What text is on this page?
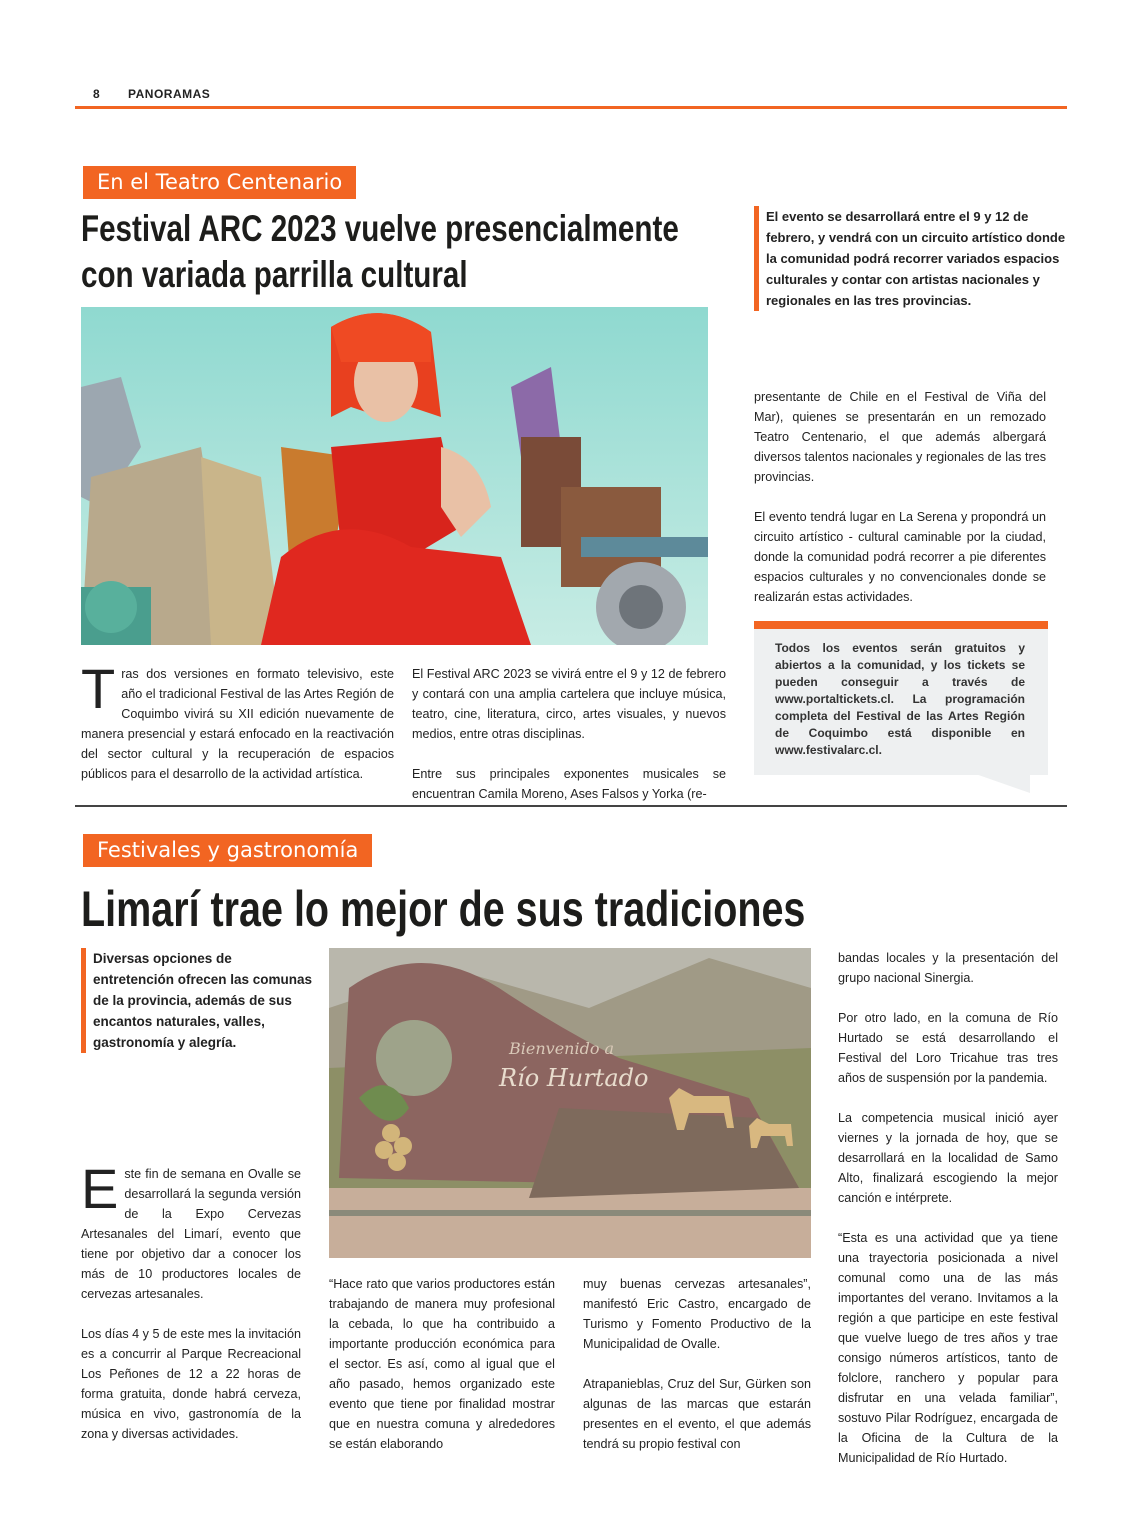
8 PANORAMAS
En el Teatro Centenario
Festival ARC 2023 vuelve presencialmente
con variada parrilla cultural
El evento se desarrollará entre el 9 y 12 de febrero, y vendrá con un circuito artístico donde la comunidad podrá recorrer variados espacios culturales y contar con artistas nacionales y regionales en las tres provincias.
Tras dos versiones en formato televisivo, este año el tradicional Festival de las Artes Región de Coquimbo vivirá su XII edición nuevamente de manera presencial y estará enfocado en la reactivación del sector cultural y la recuperación de espacios públicos para el desarrollo de la actividad artística.

El Festival ARC 2023 se vivirá entre el 9 y 12 de febrero y contará con una amplia cartelera que incluye música, teatro, cine, literatura, circo, artes visuales, y nuevos medios, entre otras disciplinas.

Entre sus principales exponentes musicales se encuentran Camila Moreno, Ases Falsos y Yorka (re-

presentante de Chile en el Festival de Viña del Mar), quienes se presentarán en un remozado Teatro Centenario, el que además albergará diversos talentos nacionales y regionales de las tres provincias.

El evento tendrá lugar en La Serena y propondrá un circuito artístico - cultural caminable por la ciudad, donde la comunidad podrá recorrer a pie diferentes espacios culturales y no convencionales donde se realizarán estas actividades.

Todos los eventos serán gratuitos y abiertos a la comunidad, y los tickets se pueden conseguir a través de www.portaltickets.cl. La programación completa del Festival de las Artes Región de Coquimbo está disponible en www.festivalarc.cl.
Festivales y gastronomía
Limarí trae lo mejor de sus tradiciones
Diversas opciones de entretención ofrecen las comunas de la provincia, además de sus encantos naturales, valles, gastronomía y alegría.	Bienvenido a
Río Hurtado

Este fin de semana en Ovalle se desarrollará la segunda versión de la Expo Cervezas Artesanales del Limarí, evento que tiene por objetivo dar a conocer los más de 10 productores locales de cervezas artesanales.

Los días 4 y 5 de este mes la invitación es a concurrir al Parque Recreacional Los Peñones de 12 a 22 horas de forma gratuita, donde habrá cerveza, música en vivo, gastronomía de la zona y diversas actividades.

“Hace rato que varios productores están trabajando de manera muy profesional la cebada, lo que ha contribuido a importante producción económica para el sector. Es así, como al igual que el año pasado, hemos organizado este evento que tiene por finalidad mostrar que en nuestra comuna y alrededores se están elaborando

muy buenas cervezas artesanales”, manifestó Eric Castro, encargado de Turismo y Fomento Productivo de la Municipalidad de Ovalle.

Atrapanieblas, Cruz del Sur, Gürken son algunas de las marcas que estarán presentes en el evento, el que además tendrá su propio festival con

bandas locales y la presentación del grupo nacional Sinergia.

Por otro lado, en la comuna de Río Hurtado se está desarrollando el Festival del Loro Tricahue tras tres años de suspensión por la pandemia.

La competencia musical inició ayer viernes y la jornada de hoy, que se desarrollará en la localidad de Samo Alto, finalizará escogiendo la mejor canción e intérprete.

“Esta es una actividad que ya tiene una trayectoria posicionada a nivel comunal como una de las más importantes del verano. Invitamos a la región a que participe en este festival que vuelve luego de tres años y trae consigo números artísticos, tanto de folclore, ranchero y popular para disfrutar en una velada familiar”, sostuvo Pilar Rodríguez, encargada de la Oficina de la Cultura de la Municipalidad de Río Hurtado.
